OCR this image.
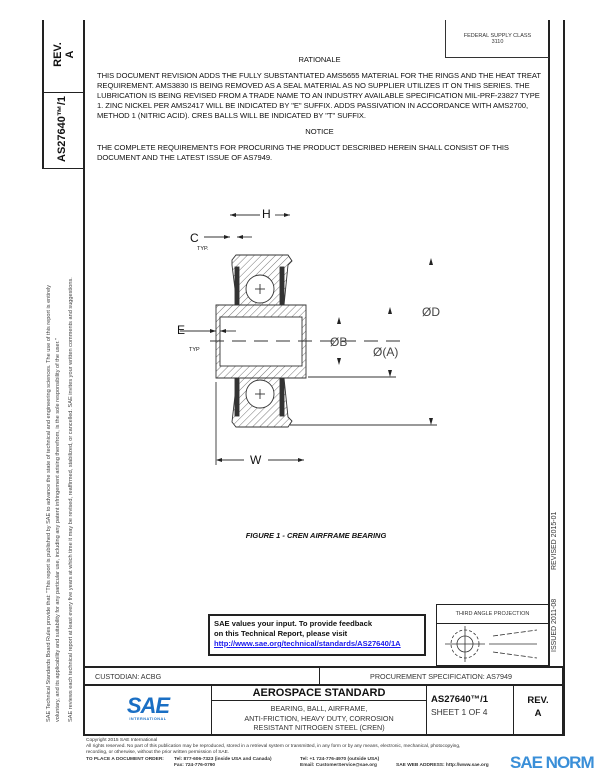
REV. A
AS27640™/1
SAE Technical Standards Board Rules provide that: "This report is published by SAE to advance the state of technical and engineering sciences. The use of this report is entirely voluntary, and its applicability and suitability for any particular use, including any patent infringement arising therefrom, is the sole responsibility of the user." SAE reviews each technical report at least every five years at which time it may be revised, reaffirmed, stabilized, or cancelled. SAE invites your written comments and suggestions.
FEDERAL SUPPLY CLASS
3110
RATIONALE
THIS DOCUMENT REVISION ADDS THE FULLY SUBSTANTIATED AMS5655 MATERIAL FOR THE RINGS AND THE HEAT TREAT REQUIREMENT. AMS3830 IS BEING REMOVED AS A SEAL MATERIAL AS NO SUPPLIER UTILIZES IT ON THIS SERIES. THE LUBRICATION IS BEING REVISED FROM A TRADE NAME TO AN INDUSTRY AVAILABLE SPECIFICATION MIL-PRF-23827 TYPE 1. ZINC NICKEL PER AMS2417 WILL BE INDICATED BY "E" SUFFIX. ADDS PASSIVATION IN ACCORDANCE WITH AMS2700, METHOD 1 (NITRIC ACID). CRES BALLS WILL BE INDICATED BY "T" SUFFIX.
NOTICE
THE COMPLETE REQUIREMENTS FOR PROCURING THE PRODUCT DESCRIBED HEREIN SHALL CONSIST OF THIS DOCUMENT AND THE LATEST ISSUE OF AS7949.
H
C
TYP.
E
TYP
ØD
ØB
Ø(A)
W
FIGURE 1 - CREN AIRFRAME BEARING
ISSUED 2011-08
REVISED 2015-01
SAE values your input. To provide feedback
on this Technical Report, please visit
http://www.sae.org/technical/standards/AS27640/1A
THIRD ANGLE PROJECTION
CUSTODIAN: ACBG	PROCUREMENT SPECIFICATION: AS7949
SAE
INTERNATIONAL
AEROSPACE STANDARD
BEARING, BALL, AIRFRAME,
ANTI-FRICTION, HEAVY DUTY, CORROSION
RESISTANT NITROGEN STEEL (CREN)
AS27640™/1
SHEET 1 OF 4
REV.
A
Copyright 2015 SAE International
All rights reserved. No part of this publication may be reproduced, stored in a retrieval system or transmitted, in any form or by any means, electronic, mechanical, photocopying,
recording, or otherwise, without the prior written permission of SAE.
TO PLACE A DOCUMENT ORDER: Tel: 877-606-7323 (inside USA and Canada)
Fax: 724-776-0790
Tel: +1 724-776-4970 (outside USA)
Email: CustomerService@sae.org	SAE WEB ADDRESS: http://www.sae.org SAE NORM
